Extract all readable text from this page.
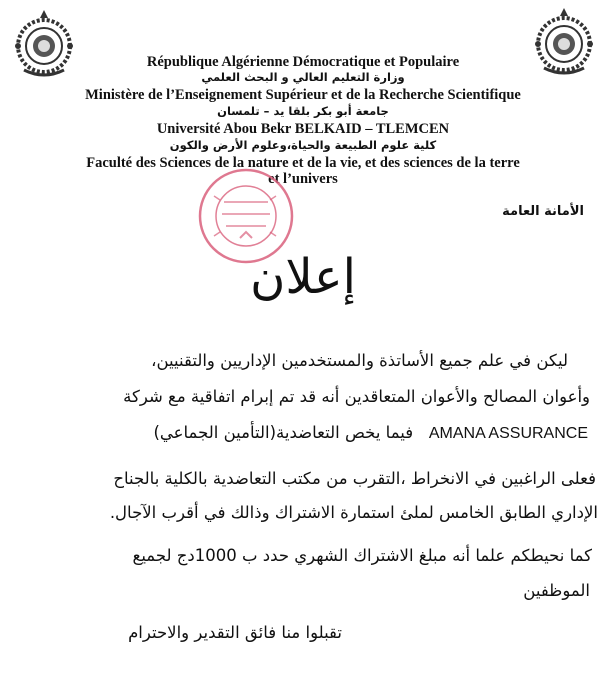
République Algérienne Démocratique et Populaire
وزارة التعليم العالي و البحث العلمي
Ministère de l’Enseignement Supérieur et de la Recherche Scientifique
جامعة أبو بكر بلقا يد – تلمسان
Université Abou Bekr BELKAID – TLEMCEN
كلية علوم الطبيعة والحياة،وعلوم الأرض والكون
Faculté des Sciences de la nature et de la vie, et des sciences de la terre
et l’univers
الأمانة العامة
إعلان
ليكن في علم جميع الأساتذة والمستخدمين الإداريين والتقنيين،
وأعوان المصالح والأعوان المتعاقدين أنه قد تم إبرام اتفاقية مع شركة
AMANA ASSURANCE   فيما يخص التعاضدية(التأمين الجماعي)
فعلى الراغبين في الانخراط ،التقرب من مكتب التعاضدية بالكلية بالجناح
الإداري الطابق الخامس لملئ استمارة الاشتراك وذالك في أقرب الآجال.
كما نحيطكم علما أنه مبلغ الاشتراك الشهري حدد ب 1000دج لجميع
الموظفين
تقبلوا منا فائق التقدير والاحترام
